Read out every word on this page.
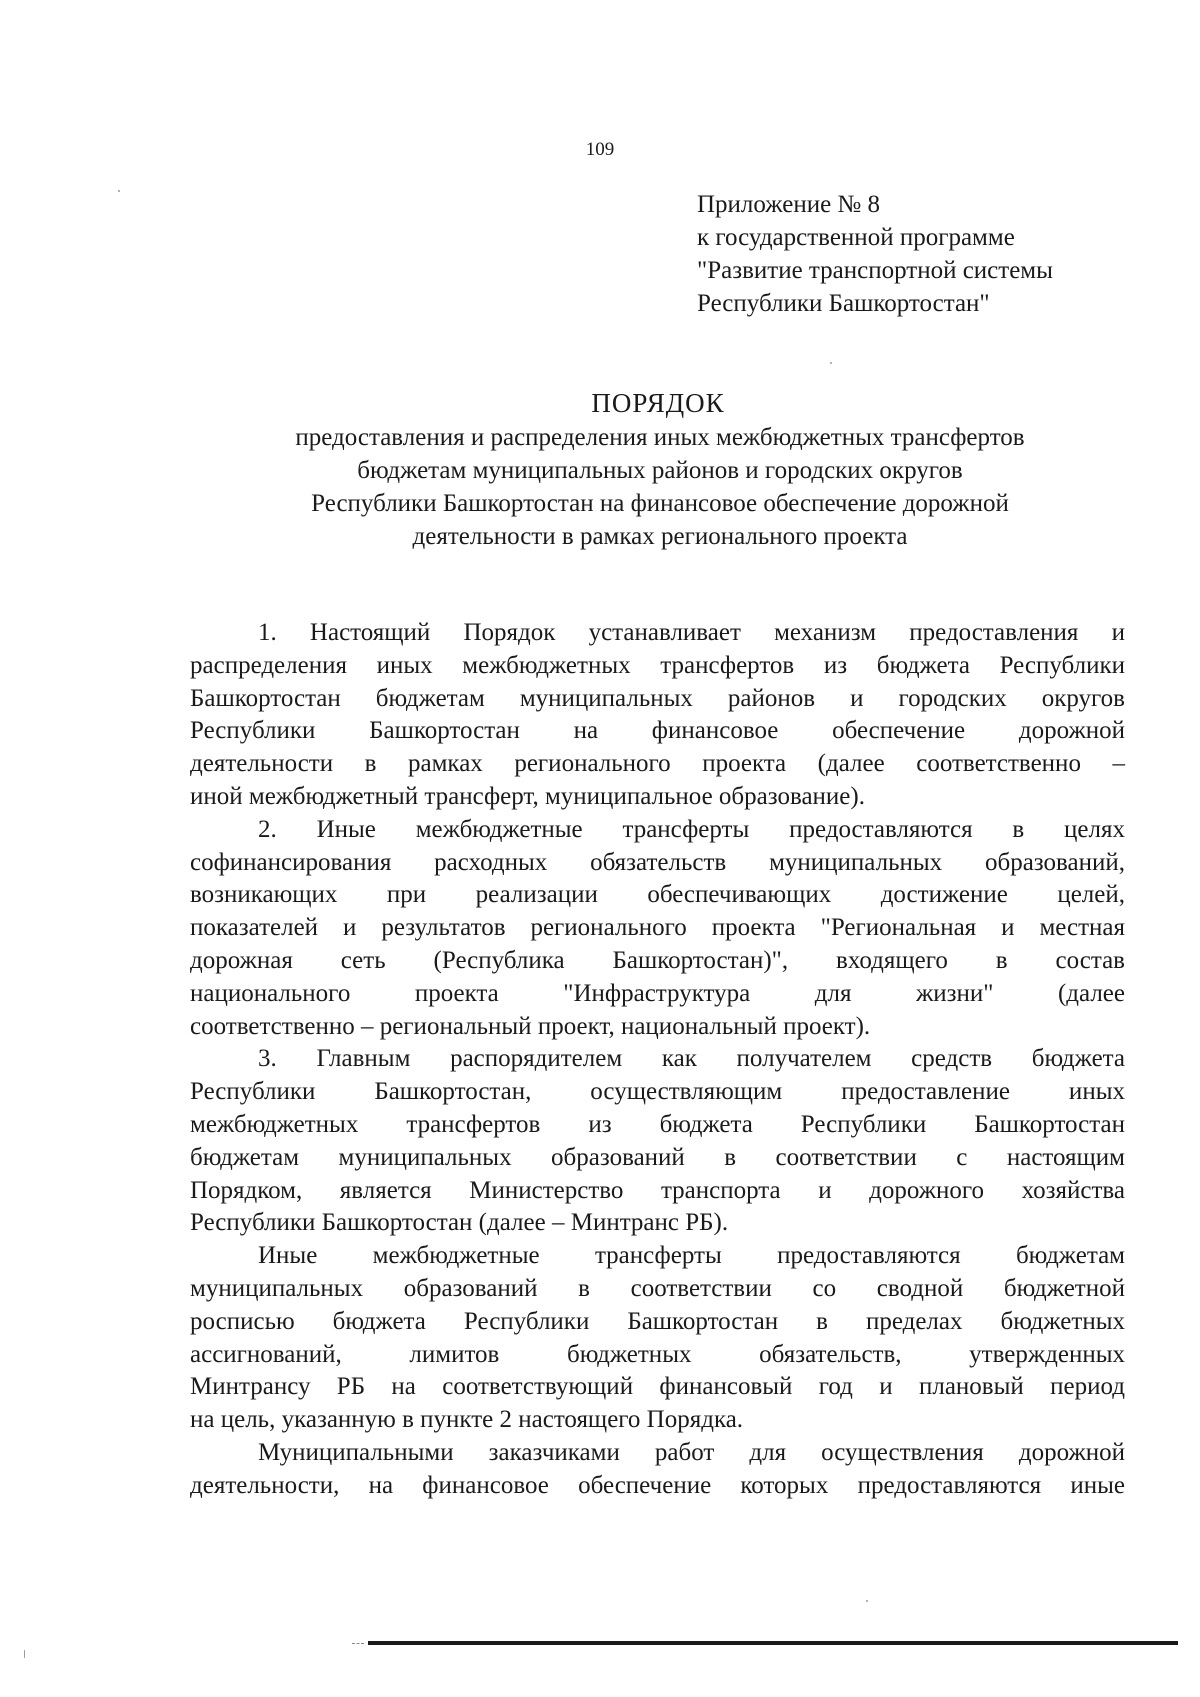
109
Приложение № 8
к государственной программе
"Развитие транспортной системы
Республики Башкортостан"
ПОРЯДОК
предоставления и распределения иных межбюджетных трансфертов
бюджетам муниципальных районов и городских округов
Республики Башкортостан на финансовое обеспечение дорожной
деятельности в рамках регионального проекта
1. Настоящий Порядок устанавливает механизм предоставления и
распределения иных межбюджетных трансфертов из бюджета Республики
Башкортостан бюджетам муниципальных районов и городских округов
Республики Башкортостан на финансовое обеспечение дорожной
деятельности в рамках регионального проекта (далее соответственно –
иной межбюджетный трансферт, муниципальное образование).
2. Иные межбюджетные трансферты предоставляются в целях
софинансирования расходных обязательств муниципальных образований,
возникающих при реализации обеспечивающих достижение целей,
показателей и результатов регионального проекта "Региональная и местная
дорожная сеть (Республика Башкортостан)", входящего в состав
национального проекта "Инфраструктура для жизни" (далее
соответственно – региональный проект, национальный проект).
3. Главным распорядителем как получателем средств бюджета
Республики Башкортостан, осуществляющим предоставление иных
межбюджетных трансфертов из бюджета Республики Башкортостан
бюджетам муниципальных образований в соответствии с настоящим
Порядком, является Министерство транспорта и дорожного хозяйства
Республики Башкортостан (далее – Минтранс РБ).
Иные межбюджетные трансферты предоставляются бюджетам
муниципальных образований в соответствии со сводной бюджетной
росписью бюджета Республики Башкортостан в пределах бюджетных
ассигнований, лимитов бюджетных обязательств, утвержденных
Минтрансу РБ на соответствующий финансовый год и плановый период
на цель, указанную в пункте 2 настоящего Порядка.
Муниципальными заказчиками работ для осуществления дорожной
деятельности, на финансовое обеспечение которых предоставляются иные
